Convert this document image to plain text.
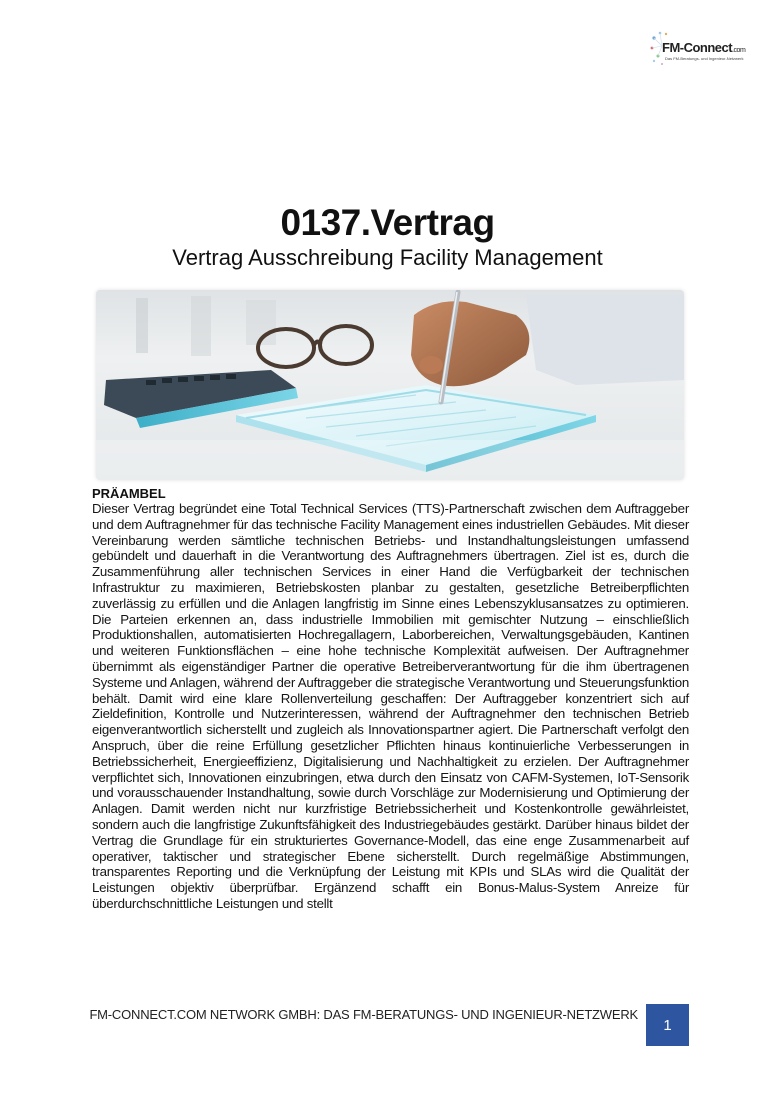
FM-Connect.com
Das FM-Beratungs- und Ingenieur-Netzwerk
0137.Vertrag
Vertrag Ausschreibung Facility Management
PRÄAMBEL
Dieser Vertrag begründet eine Total Technical Services (TTS)-Partnerschaft zwischen dem Auftraggeber und dem Auftragnehmer für das technische Facility Management eines industriellen Gebäudes. Mit dieser Vereinbarung werden sämtliche technischen Betriebs- und Instandhaltungsleistungen umfassend gebündelt und dauerhaft in die Verantwortung des Auftragnehmers übertragen. Ziel ist es, durch die Zusammenführung aller technischen Services in einer Hand die Verfügbarkeit der technischen Infrastruktur zu maximieren, Betriebskosten planbar zu gestalten, gesetzliche Betreiberpflichten zuverlässig zu erfüllen und die Anlagen langfristig im Sinne eines Lebenszyklusansatzes zu optimieren. Die Parteien erkennen an, dass industrielle Immobilien mit gemischter Nutzung – einschließlich Produktionshallen, automatisierten Hochregallagern, Laborbereichen, Verwaltungsgebäuden, Kantinen und weiteren Funktionsflächen – eine hohe technische Komplexität aufweisen. Der Auftragnehmer übernimmt als eigenständiger Partner die operative Betreiberverantwortung für die ihm übertragenen Systeme und Anlagen, während der Auftraggeber die strategische Verantwortung und Steuerungsfunktion behält. Damit wird eine klare Rollenverteilung geschaffen: Der Auftraggeber konzentriert sich auf Zieldefinition, Kontrolle und Nutzerinteressen, während der Auftragnehmer den technischen Betrieb eigenverantwortlich sicherstellt und zugleich als Innovationspartner agiert. Die Partnerschaft verfolgt den Anspruch, über die reine Erfüllung gesetzlicher Pflichten hinaus kontinuierliche Verbesserungen in Betriebssicherheit, Energieeffizienz, Digitalisierung und Nachhaltigkeit zu erzielen. Der Auftragnehmer verpflichtet sich, Innovationen einzubringen, etwa durch den Einsatz von CAFM-Systemen, IoT-Sensorik und vorausschauender Instandhaltung, sowie durch Vorschläge zur Modernisierung und Optimierung der Anlagen. Damit werden nicht nur kurzfristige Betriebssicherheit und Kostenkontrolle gewährleistet, sondern auch die langfristige Zukunftsfähigkeit des Industriegebäudes gestärkt. Darüber hinaus bildet der Vertrag die Grundlage für ein strukturiertes Governance-Modell, das eine enge Zusammenarbeit auf operativer, taktischer und strategischer Ebene sicherstellt. Durch regelmäßige Abstimmungen, transparentes Reporting und die Verknüpfung der Leistung mit KPIs und SLAs wird die Qualität der Leistungen objektiv überprüfbar. Ergänzend schafft ein Bonus-Malus-System Anreize für überdurchschnittliche Leistungen und stellt
FM-CONNECT.COM NETWORK GMBH: DAS FM-BERATUNGS- UND INGENIEUR-NETZWERK
1
